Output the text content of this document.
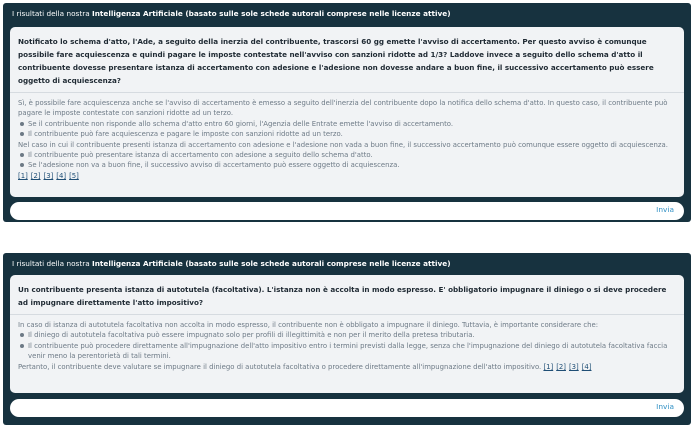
I risultati della nostra Intelligenza Artificiale (basato sulle sole schede autorali comprese nelle licenze attive)
Notificato lo schema d'atto, l'Ade, a seguito della inerzia del contribuente, trascorsi 60 gg emette l'avviso di accertamento. Per questo avviso è comunque possibile fare acquiescenza e quindi pagare le imposte contestate nell'avviso con sanzioni ridotte ad 1/3? Laddove invece a seguito dello schema d'atto il contribuente dovesse presentare istanza di accertamento con adesione e l'adesione non dovesse andare a buon fine, il successivo accertamento può essere oggetto di acquiescenza?

Sì, è possibile fare acquiescenza anche se l'avviso di accertamento è emesso a seguito dell'inerzia del contribuente dopo la notifica dello schema d'atto. In questo caso, il contribuente può pagare le imposte contestate con sanzioni ridotte ad un terzo.

Se il contribuente non risponde allo schema d'atto entro 60 giorni, l'Agenzia delle Entrate emette l'avviso di accertamento.
Il contribuente può fare acquiescenza e pagare le imposte con sanzioni ridotte ad un terzo.

Nel caso in cui il contribuente presenti istanza di accertamento con adesione e l'adesione non vada a buon fine, il successivo accertamento può comunque essere oggetto di acquiescenza.

Il contribuente può presentare istanza di accertamento con adesione a seguito dello schema d'atto.
Se l'adesione non va a buon fine, il successivo avviso di accertamento può essere oggetto di acquiescenza.
[1] [2] [3] [4] [5]
Invia
I risultati della nostra Intelligenza Artificiale (basato sulle sole schede autorali comprese nelle licenze attive)
Un contribuente presenta istanza di autotutela (facoltativa). L'istanza non è accolta in modo espresso. E' obbligatorio impugnare il diniego o si deve procedere ad impugnare direttamente l'atto impositivo?

In caso di istanza di autotutela facoltativa non accolta in modo espresso, il contribuente non è obbligato a impugnare il diniego. Tuttavia, è importante considerare che:

Il diniego di autotutela facoltativa può essere impugnato solo per profili di illegittimità e non per il merito della pretesa tributaria.
Il contribuente può procedere direttamente all'impugnazione dell'atto impositivo entro i termini previsti dalla legge, senza che l'impugnazione del diniego di autotutela facoltativa faccia venir meno la perentorietà di tali termini.

Pertanto, il contribuente deve valutare se impugnare il diniego di autotutela facoltativa o procedere direttamente all'impugnazione dell'atto impositivo. [1] [2] [3] [4]

Invia
